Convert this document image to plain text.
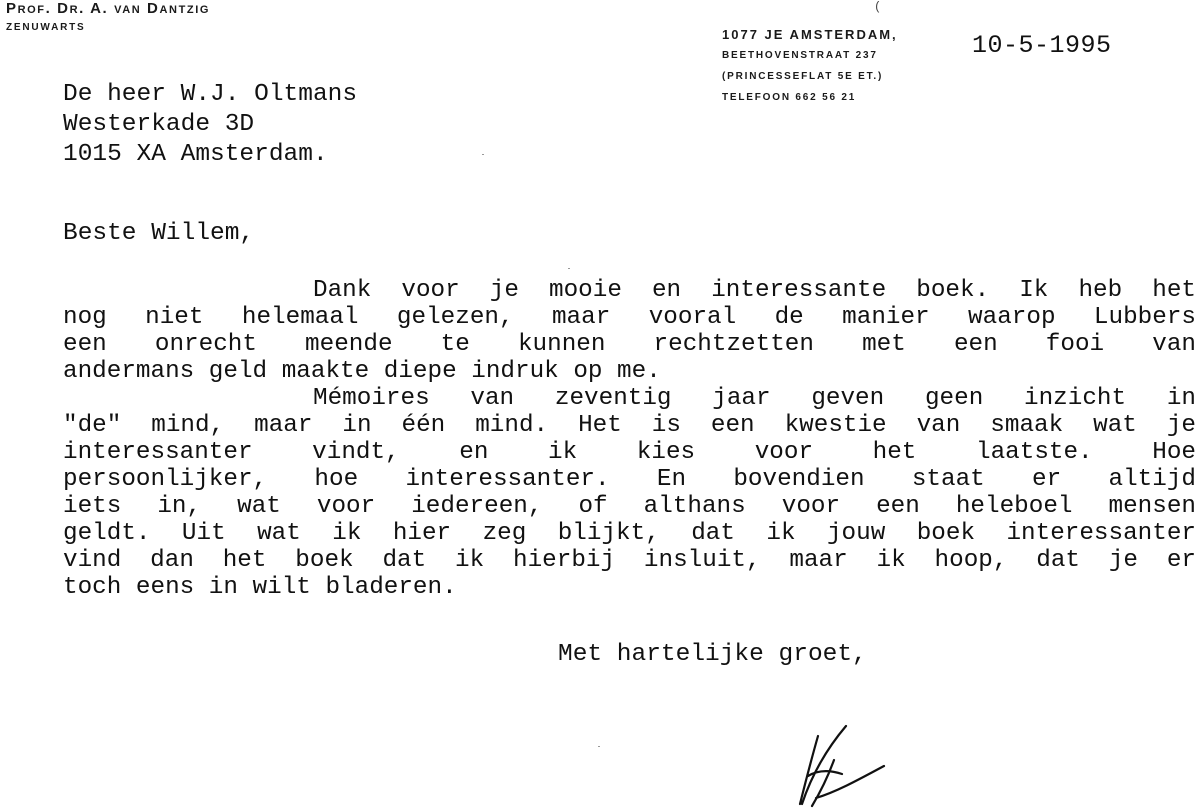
Prof. Dr. A. van Dantzig
ZENUWARTS
(
1077 JE AMSTERDAM,
BEETHOVENSTRAAT 237
(PRINCESSEFLAT 5E ET.)
TELEFOON 662 56 21
10-5-1995
De heer W.J. Oltmans
Westerkade 3D
1015 XA Amsterdam.
Beste Willem,
Dank voor je mooie en interessante boek. Ik heb het
nog niet helemaal gelezen, maar vooral de manier waarop Lubbers
een onrecht meende te kunnen rechtzetten met een fooi van
andermans geld maakte diepe indruk op me.
Mémoires van zeventig jaar geven geen inzicht in
"de" mind, maar in één mind. Het is een kwestie van smaak wat je
interessanter vindt, en ik kies voor het laatste. Hoe
persoonlijker, hoe interessanter. En bovendien staat er altijd
iets in, wat voor iedereen, of althans voor een heleboel mensen
geldt. Uit wat ik hier zeg blijkt, dat ik jouw boek interessanter
vind dan het boek dat ik hierbij insluit, maar ik hoop, dat je er
toch eens in wilt bladeren.
Met hartelijke groet,
